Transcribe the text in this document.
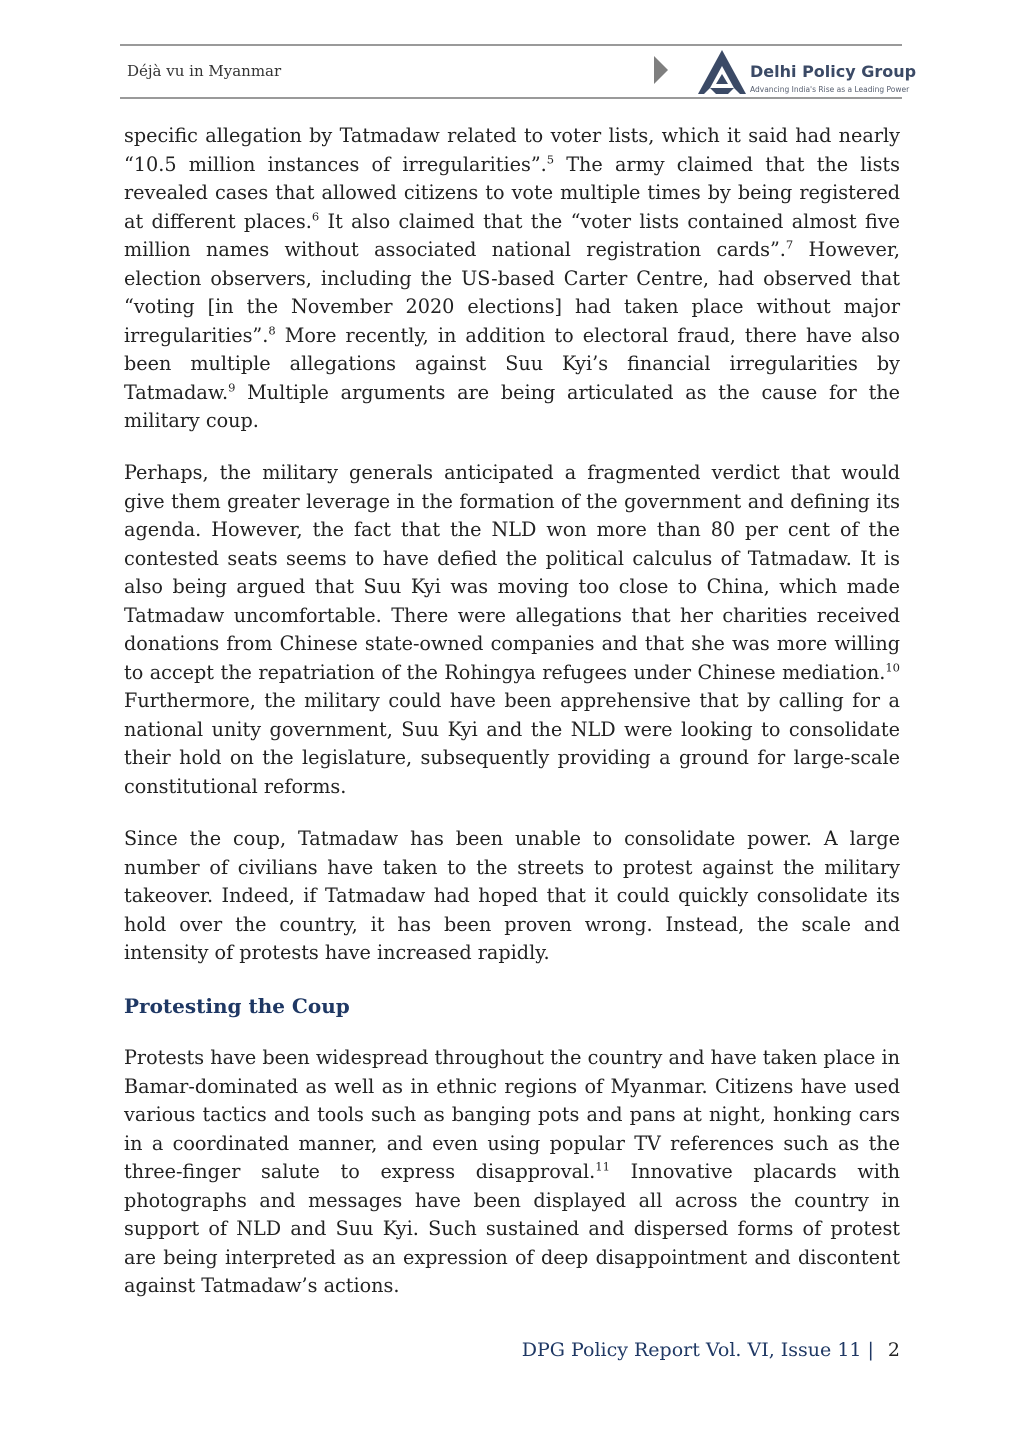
Déjà vu in Myanmar	Delhi Policy Group
Advancing India's Rise as a Leading Power

specific allegation by Tatmadaw related to voter lists, which it said had nearly “10.5 million instances of irregularities”.$^5$ The army claimed that the lists revealed cases that allowed citizens to vote multiple times by being registered at different places.$^6$ It also claimed that the “voter lists contained almost five million names without associated national registration cards”.$^7$ However, election observers, including the US-based Carter Centre, had observed that “voting [in the November 2020 elections] had taken place without major irregularities”.$^8$ More recently, in addition to electoral fraud, there have also been multiple allegations against Suu Kyi’s financial irregularities by Tatmadaw.$^9$ Multiple arguments are being articulated as the cause for the military coup.

Perhaps, the military generals anticipated a fragmented verdict that would give them greater leverage in the formation of the government and defining its agenda. However, the fact that the NLD won more than 80 per cent of the contested seats seems to have defied the political calculus of Tatmadaw. It is also being argued that Suu Kyi was moving too close to China, which made Tatmadaw uncomfortable. There were allegations that her charities received donations from Chinese state-owned companies and that she was more willing to accept the repatriation of the Rohingya refugees under Chinese mediation.$^{10}$ Furthermore, the military could have been apprehensive that by calling for a national unity government, Suu Kyi and the NLD were looking to consolidate their hold on the legislature, subsequently providing a ground for large-scale constitutional reforms.

Since the coup, Tatmadaw has been unable to consolidate power. A large number of civilians have taken to the streets to protest against the military takeover. Indeed, if Tatmadaw had hoped that it could quickly consolidate its hold over the country, it has been proven wrong. Instead, the scale and intensity of protests have increased rapidly.

Protesting the Coup

Protests have been widespread throughout the country and have taken place in Bamar-dominated as well as in ethnic regions of Myanmar. Citizens have used various tactics and tools such as banging pots and pans at night, honking cars in a coordinated manner, and even using popular TV references such as the three-finger salute to express disapproval.$^{11}$ Innovative placards with photographs and messages have been displayed all across the country in support of NLD and Suu Kyi. Such sustained and dispersed forms of protest are being interpreted as an expression of deep disappointment and discontent against Tatmadaw’s actions.

DPG Policy Report Vol. VI, Issue 11 | 2
